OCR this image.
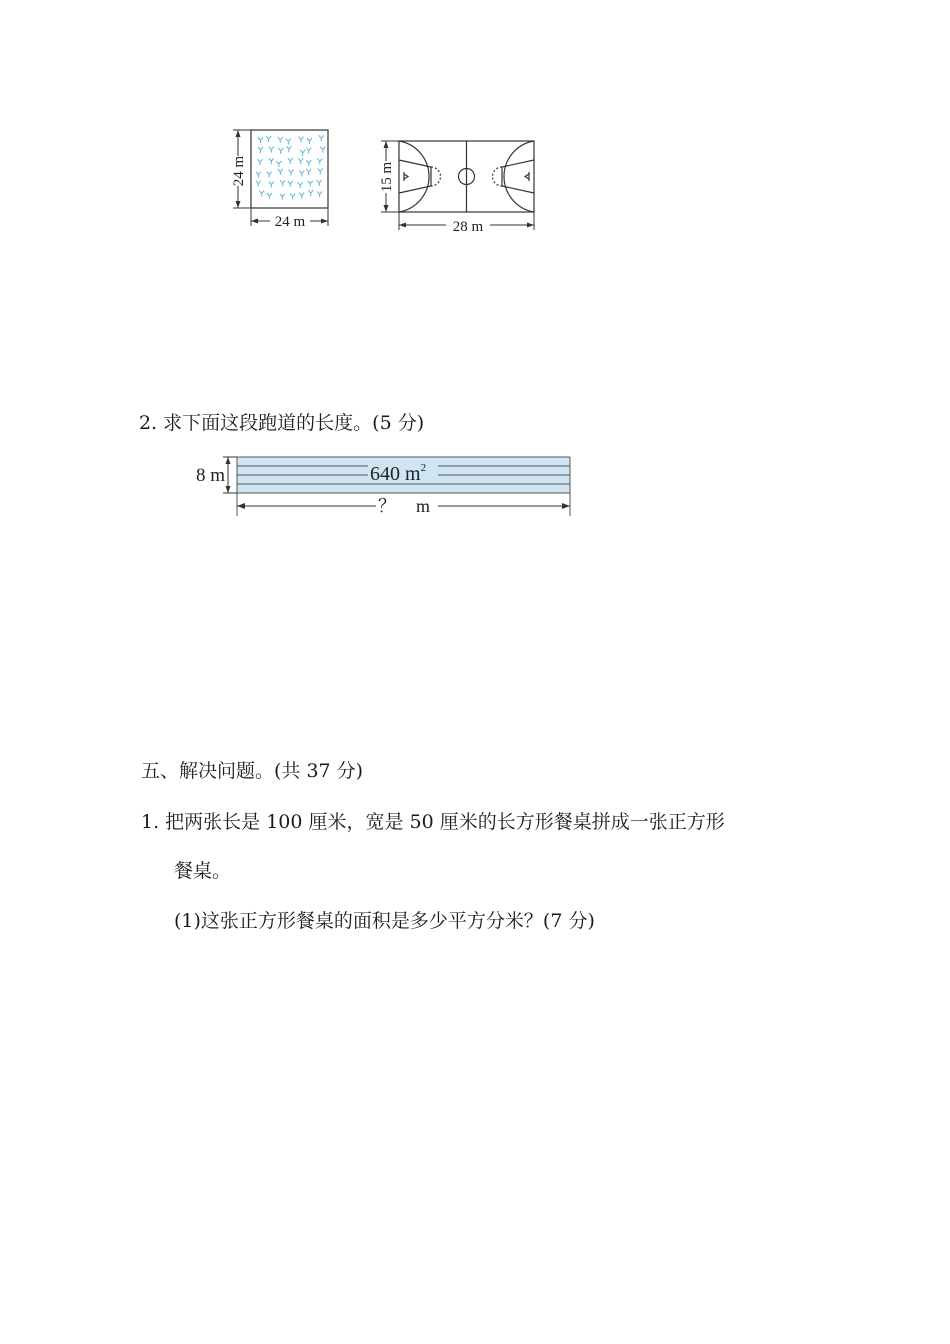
24 m
24 m
15 m
28 m
2. 求下面这段跑道的长度。(5 分)
640 $m^2$
8 m
？ m
五、解决问题。(共 37 分)
1. 把两张长是 100 厘米，宽是 50 厘米的长方形餐桌拼成一张正方形
餐桌。
(1)这张正方形餐桌的面积是多少平方分米？(7 分)
